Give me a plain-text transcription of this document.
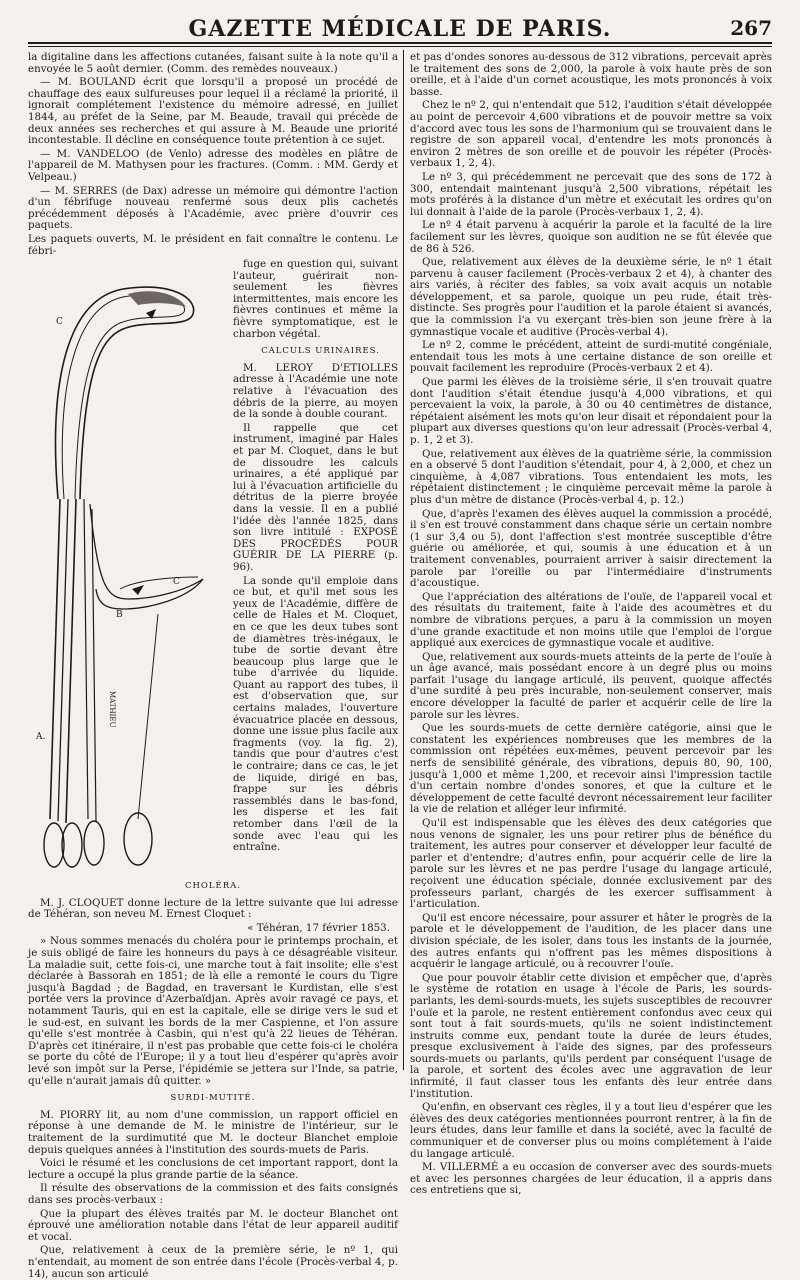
GAZETTE MÉDICALE DE PARIS.	267

la digitaline dans les affections cutanées, faisant suite à la note qu'il a envoyée le 5 août dernier. (Comm. des remèdes nouveaux.)

— M. BOULAND écrit que lorsqu'il a proposé un procédé de chauffage des eaux sulfureuses pour lequel il a réclamé la priorité, il ignorait complétement l'existence du mémoire adressé, en juillet 1844, au préfet de la Seine, par M. Beaude, travail qui précède de deux années ses recherches et qui assure à M. Beaude une priorité incontestable. Il décline en conséquence toute prétention à ce sujet.

— M. VANDELOO (de Venlo) adresse des modèles en plâtre de l'appareil de M. Mathysen pour les fractures. (Comm. : MM. Gerdy et Velpeau.)

— M. SERRES (de Dax) adresse un mémoire qui démontre l'action d'un fébrifuge nouveau renfermé sous deux plis cachetés précédemment déposés à l'Académie, avec prière d'ouvrir ces paquets.

Les paquets ouverts, M. le président en fait connaître le contenu. Le fébri-

A.
B
C
C
MATHIEU

fuge en question qui, suivant l'auteur, guérirait non-seulement les fièvres intermittentes, mais encore les fièvres continues et même la fièvre symptomatique, est le charbon végétal.

CALCULS URINAIRES.

M. LEROY D'ETIOLLES adresse à l'Académie une note relative à l'évacuation des débris de la pierre, au moyen de la sonde à double courant.

Il rappelle que cet instrument, imaginé par Hales et par M. Cloquet, dans le but de dissoudre les calculs urinaires, a été appliqué par lui à l'évacuation artificielle du détritus de la pierre broyée dans la vessie. Il en a publié l'idée dès l'année 1825, dans son livre intitulé : EXPOSÉ DES PROCÉDÉS POUR GUÉRIR DE LA PIERRE (p. 96).

La sonde qu'il emploie dans ce but, et qu'il met sous les yeux de l'Académie, diffère de celle de Hales et M. Cloquet, en ce que les deux tubes sont de diamètres très-inégaux, le tube de sortie devant être beaucoup plus large que le tube d'arrivée du liquide. Quant au rapport des tubes, il est d'observation que, sur certains malades, l'ouverture évacuatrice placée en dessous, donne une issue plus facile aux fragments (voy. la fig. 2), tandis que pour d'autres c'est le contraire; dans ce cas, le jet de liquide, dirigé en bas, frappe sur les débris rassemblés dans le bas-fond, les disperse et les fait retomber dans l'œil de la sonde avec l'eau qui les entraîne.

CHOLÉRA.

M. J. CLOQUET donne lecture de la lettre suivante que lui adresse de Téhéran, son neveu M. Ernest Cloquet :

« Téhéran, 17 février 1853.

» Nous sommes menacés du choléra pour le printemps prochain, et je suis obligé de faire les honneurs du pays à ce désagréable visiteur. La maladie suit, cette fois-ci, une marche tout à fait insolite; elle s'est déclarée à Bassorah en 1851; de là elle a remonté le cours du Tigre jusqu'à Bagdad ; de Bagdad, en traversant le Kurdistan, elle s'est portée vers la province d'Azerbaïdjan. Après avoir ravagé ce pays, et notamment Tauris, qui en est la capitale, elle se dirige vers le sud et le sud-est, en suivant les bords de la mer Caspienne, et l'on assure qu'elle s'est montrée à Casbin, qui n'est qu'à 22 lieues de Téhéran. D'après cet itinéraire, il n'est pas probable que cette fois-ci le choléra se porte du côté de l'Europe; il y a tout lieu d'espérer qu'après avoir levé son impôt sur la Perse, l'épidémie se jettera sur l'Inde, sa patrie, qu'elle n'aurait jamais dû quitter. »

SURDI-MUTITÉ.

M. PIORRY lit, au nom d'une commission, un rapport officiel en réponse à une demande de M. le ministre de l'intérieur, sur le traitement de la surdimutité que M. le docteur Blanchet emploie depuis quelques années à l'institution des sourds-muets de Paris.

Voici le résumé et les conclusions de cet important rapport, dont la lecture a occupé la plus grande partie de la séance.

Il résulte des observations de la commission et des faits consignés dans ses procès-verbaux :

Que la plupart des élèves traités par M. le docteur Blanchet ont éprouvé une amélioration notable dans l'état de leur appareil auditif et vocal.

Que, relativement à ceux de la première série, le nº 1, qui n'entendait, au moment de son entrée dans l'école (Procès-verbal 4, p. 14), aucun son articulé

et pas d'ondes sonores au-dessous de 312 vibrations, percevait après le traitement des sons de 2,000, la parole à voix haute près de son oreille, et à l'aide d'un cornet acoustique, les mots prononcés à voix basse.

Chez le nº 2, qui n'entendait que 512, l'audition s'était développée au point de percevoir 4,600 vibrations et de pouvoir mettre sa voix d'accord avec tous les sons de l'harmonium qui se trouvaient dans le registre de son appareil vocal, d'entendre les mots prononcés à environ 2 mètres de son oreille et de pouvoir les répéter (Procès-verbaux 1, 2, 4).

Le nº 3, qui précédemment ne percevait que des sons de 172 à 300, entendait maintenant jusqu'à 2,500 vibrations, répétait les mots proférés à la distance d'un mètre et exécutait les ordres qu'on lui donnait à l'aide de la parole (Procès-verbaux 1, 2, 4).

Le nº 4 était parvenu à acquérir la parole et la faculté de la lire facilement sur les lèvres, quoique son audition ne se fût élevée que de 86 à 526.

Que, relativement aux élèves de la deuxième série, le nº 1 était parvenu à causer facilement (Procès-verbaux 2 et 4), à chanter des airs variés, à réciter des fables, sa voix avait acquis un notable développement, et sa parole, quoique un peu rude, était très-distincte. Ses progrès pour l'audition et la parole étaient si avancés, que la commission l'a vu exerçant très-bien son jeune frère à la gymnastique vocale et auditive (Procès-verbal 4).

Le nº 2, comme le précédent, atteint de surdi-mutité congéniale, entendait tous les mots à une certaine distance de son oreille et pouvait facilement les reproduire (Procès-verbaux 2 et 4).

Que parmi les élèves de la troisième série, il s'en trouvait quatre dont l'audition s'était étendue jusqu'à 4,000 vibrations, et qui percevaient la voix, la parole, à 30 ou 40 centimètres de distance, répétaient aisément les mots qu'on leur disait et répondaient pour la plupart aux diverses questions qu'on leur adressait (Procès-verbal 4, p. 1, 2 et 3).

Que, relativement aux élèves de la quatrième série, la commission en a observé 5 dont l'audition s'étendait, pour 4, à 2,000, et chez un cinquième, à 4,087 vibrations. Tous entendaient les mots, les répétaient distinctement ; le cinquième percevait même la parole à plus d'un mètre de distance (Procès-verbal 4, p. 12.)

Que, d'après l'examen des élèves auquel la commission a procédé, il s'en est trouvé constamment dans chaque série un certain nombre (1 sur 3,4 ou 5), dont l'affection s'est montrée susceptible d'être guérie ou améliorée, et qui, soumis à une éducation et à un traitement convenables, pourraient arriver à saisir directement la parole par l'oreille ou par l'intermédiaire d'instruments d'acoustique.

Que l'appréciation des altérations de l'ouïe, de l'appareil vocal et des résultats du traitement, faite à l'aide des acoumètres et du nombre de vibrations perçues, a paru à la commission un moyen d'une grande exactitude et non moins utile que l'emploi de l'orgue appliqué aux exercices de gymnastique vocale et auditive.

Que, relativement aux sourds-muets atteints de la perte de l'ouïe à un âge avancé, mais possédant encore à un degré plus ou moins parfait l'usage du langage articulé, ils peuvent, quoique affectés d'une surdité à peu près incurable, non-seulement conserver, mais encore développer la faculté de parler et acquérir celle de lire la parole sur les lèvres.

Que les sourds-muets de cette dernière catégorie, ainsi que le constatent les expériences nombreuses que les membres de la commission ont répétées eux-mêmes, peuvent percevoir par les nerfs de sensibilité générale, des vibrations, depuis 80, 90, 100, jusqu'à 1,000 et même 1,200, et recevoir ainsi l'impression tactile d'un certain nombre d'ondes sonores, et que la culture et le développement de cette faculté devront nécessairement leur faciliter la vie de relation et alléger leur infirmité.

Qu'il est indispensable que les élèves des deux catégories que nous venons de signaler, les uns pour retirer plus de bénéfice du traitement, les autres pour conserver et développer leur faculté de parler et d'entendre; d'autres enfin, pour acquérir celle de lire la parole sur les lèvres et ne pas perdre l'usage du langage articulé, reçoivent une éducation spéciale, donnée exclusivement par des professeurs parlant, chargés de les exercer suffisamment à l'articulation.

Qu'il est encore nécessaire, pour assurer et hâter le progrès de la parole et le développement de l'audition, de les placer dans une division spéciale, de les isoler, dans tous les instants de la journée, des autres enfants qui n'offrent pas les mêmes dispositions à acquérir le langage articulé, ou à recouvrer l'ouïe.

Que pour pouvoir établir cette division et empêcher que, d'après le système de rotation en usage à l'école de Paris, les sourds-parlants, les demi-sourds-muets, les sujets susceptibles de recouvrer l'ouïe et la parole, ne restent entièrement confondus avec ceux qui sont tout à fait sourds-muets, qu'ils ne soient indistinctement instruits comme eux, pendant toute la durée de leurs études, presque exclusivement à l'aide des signes, par des professeurs sourds-muets ou parlants, qu'ils perdent par conséquent l'usage de la parole, et sortent des écoles avec une aggravation de leur infirmité, il faut classer tous les enfants dès leur entrée dans l'institution.

Qu'enfin, en observant ces règles, il y a tout lieu d'espérer que les élèves des deux catégories mentionnées pourront rentrer, à la fin de leurs études, dans leur famille et dans la société, avec la faculté de communiquer et de converser plus ou moins complétement à l'aide du langage articulé.

M. VILLERMÉ a eu occasion de converser avec des sourds-muets et avec les personnes chargées de leur éducation, il a appris dans ces entretiens que si,
